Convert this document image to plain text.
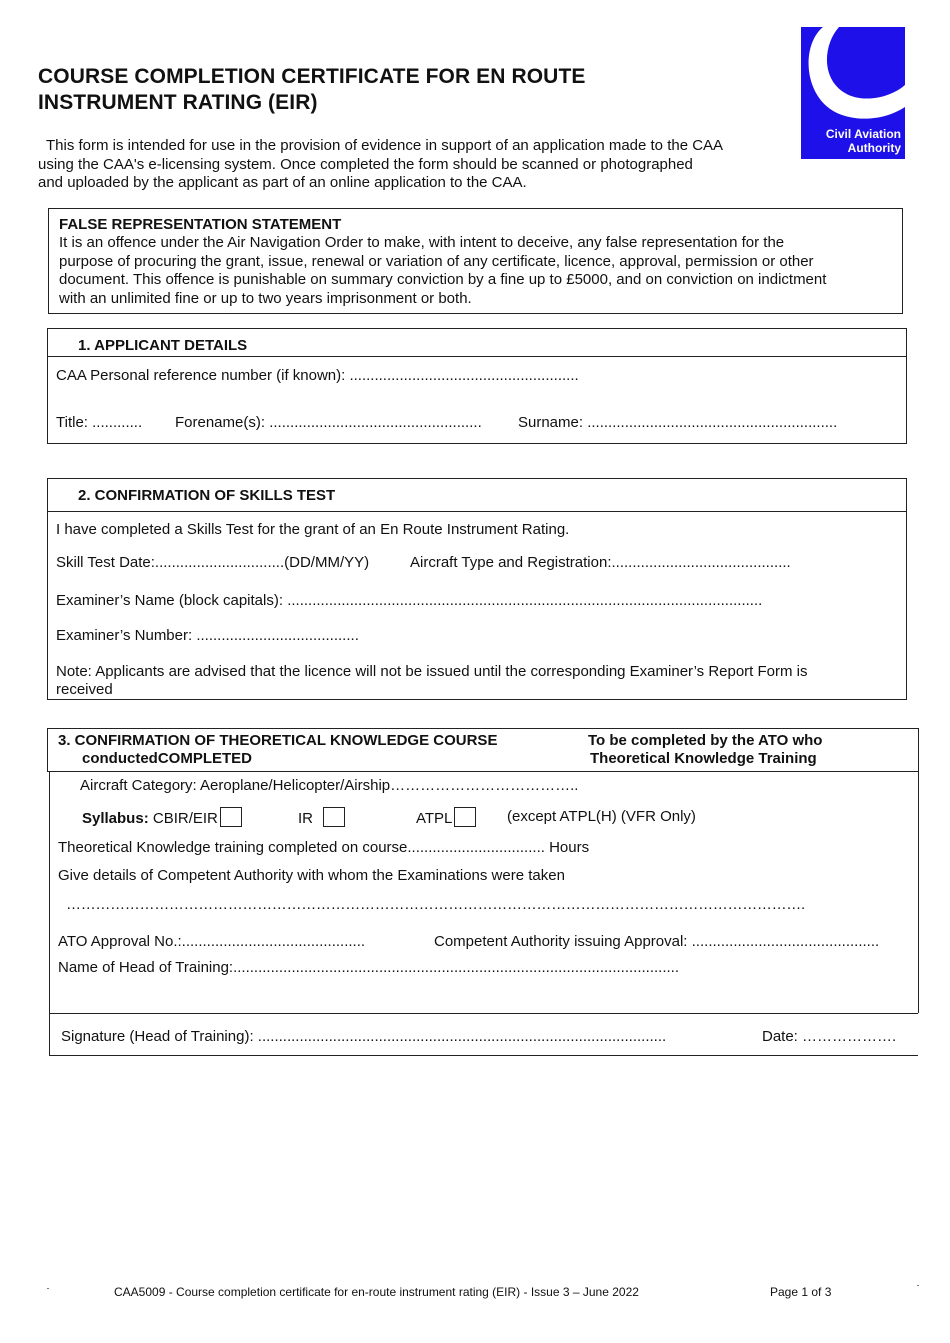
COURSE COMPLETION CERTIFICATE FOR EN ROUTE
INSTRUMENT RATING (EIR)
Civil Aviation
Authority
This form is intended for use in the provision of evidence in support of an application made to the CAA
using the CAA's e-licensing system. Once completed the form should be scanned or photographed
and uploaded by the applicant as part of an online application to the CAA.
FALSE REPRESENTATION STATEMENT
It is an offence under the Air Navigation Order to make, with intent to deceive, any false representation for the
purpose of procuring the grant, issue, renewal or variation of any certificate, licence, approval, permission or other
document. This offence is punishable on summary conviction by a fine up to £5000, and on conviction on indictment
with an unlimited fine or up to two years imprisonment or both.
1. APPLICANT DETAILS
CAA Personal reference number (if known): .......................................................
Title: ............ Forename(s): ................................................... Surname: ............................................................
2. CONFIRMATION OF SKILLS TEST
I have completed a Skills Test for the grant of an En Route Instrument Rating.
Skill Test Date:...............................(DD/MM/YY)	Aircraft Type and Registration:...........................................
Examiner’s Name (block capitals): ..................................................................................................................
Examiner’s Number: .......................................
Note: Applicants are advised that the licence will not be issued until the corresponding Examiner’s Report Form is
received
3. CONFIRMATION OF THEORETICAL KNOWLEDGE COURSE
conductedCOMPLETED
To be completed by the ATO who
Theoretical Knowledge Training
Aircraft Category: Aeroplane/Helicopter/Airship………………………………..
Syllabus: CBIR/EIR	IR	ATPL	(except ATPL(H) (VFR Only)
Theoretical Knowledge training completed on course................................. Hours
Give details of Competent Authority with whom the Examinations were taken
…………………………………………………………………………………………………………………………………….
ATO Approval No.:............................................	Competent Authority issuing Approval: .............................................
Name of Head of Training:...........................................................................................................
Signature (Head of Training): ..................................................................................................	Date: ……………….
CAA5009 - Course completion certificate for en-route instrument rating (EIR) - Issue 3 – June 2022	Page 1 of 3
